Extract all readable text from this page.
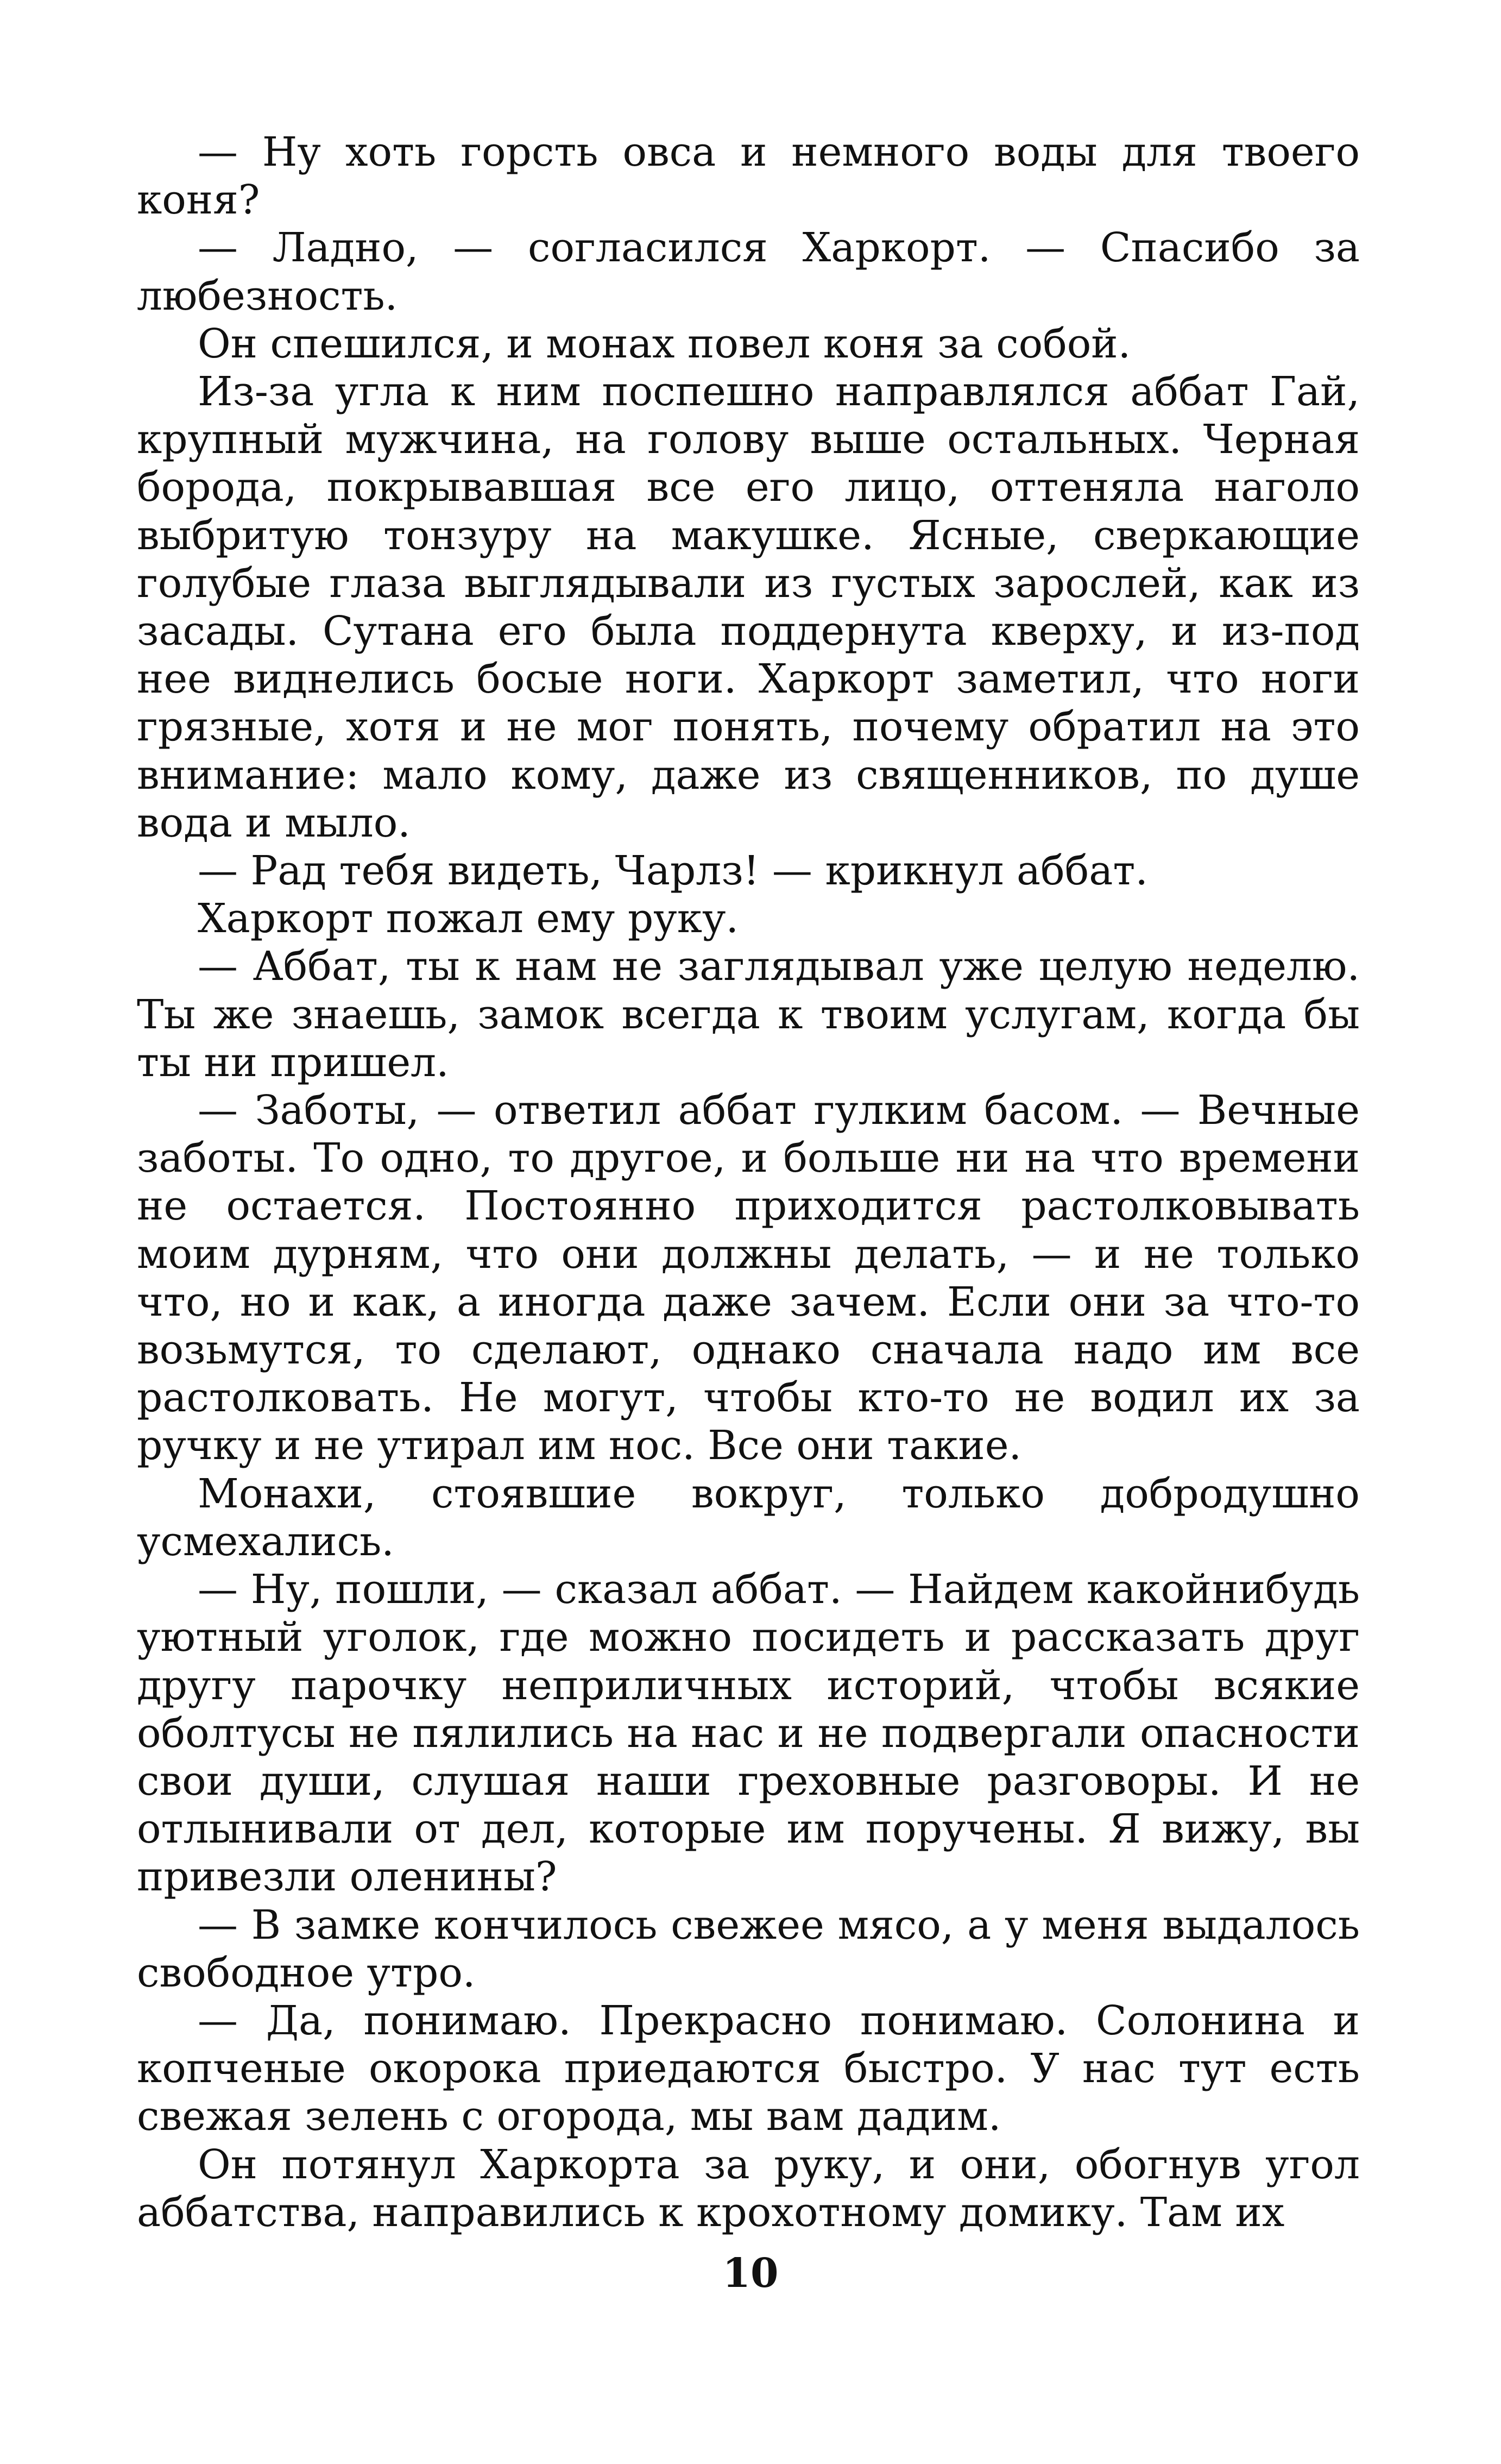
— Ну хоть горсть овса и немного воды для твоего коня?

— Ладно, — согласился Харкорт. — Спасибо за любезность.

Он спешился, и монах повел коня за собой.

Из-за угла к ним поспешно направлялся аббат Гай, крупный мужчина, на голову выше остальных. Черная борода, покрывавшая все его лицо, оттеняла наголо выбритую тонзуру на макушке. Ясные, сверкающие голубые глаза выглядывали из густых зарослей, как из засады. Сутана его была поддернута кверху, и из-под нее виднелись босые ноги. Харкорт заметил, что ноги грязные, хотя и не мог понять, почему обратил на это внимание: мало кому, даже из священников, по душе вода и мыло.

— Рад тебя видеть, Чарлз! — крикнул аббат.

Харкорт пожал ему руку.

— Аббат, ты к нам не заглядывал уже целую неделю. Ты же знаешь, замок всегда к твоим услугам, когда бы ты ни пришел.

— Заботы, — ответил аббат гулким басом. — Вечные заботы. То одно, то другое, и больше ни на что времени не остается. Постоянно приходится растолковывать моим дурням, что они должны делать, — и не только что, но и как, а иногда даже зачем. Если они за что-то возьмутся, то сделают, однако сначала надо им все растолковать. Не могут, чтобы кто-то не водил их за ручку и не утирал им нос. Все они такие.

Монахи, стоявшие вокруг, только добродушно усмехались.

— Ну, пошли, — сказал аббат. — Найдем какойнибудь уютный уголок, где можно посидеть и рассказать друг другу парочку неприличных историй, чтобы всякие оболтусы не пялились на нас и не подвергали опасности свои души, слушая наши греховные разговоры. И не отлынивали от дел, которые им поручены. Я вижу, вы привезли оленины?

— В замке кончилось свежее мясо, а у меня выдалось свободное утро.

— Да, понимаю. Прекрасно понимаю. Солонина и копченые окорока приедаются быстро. У нас тут есть свежая зелень с огорода, мы вам дадим.

Он потянул Харкорта за руку, и они, обогнув угол аббатства, направились к крохотному домику. Там их

10
